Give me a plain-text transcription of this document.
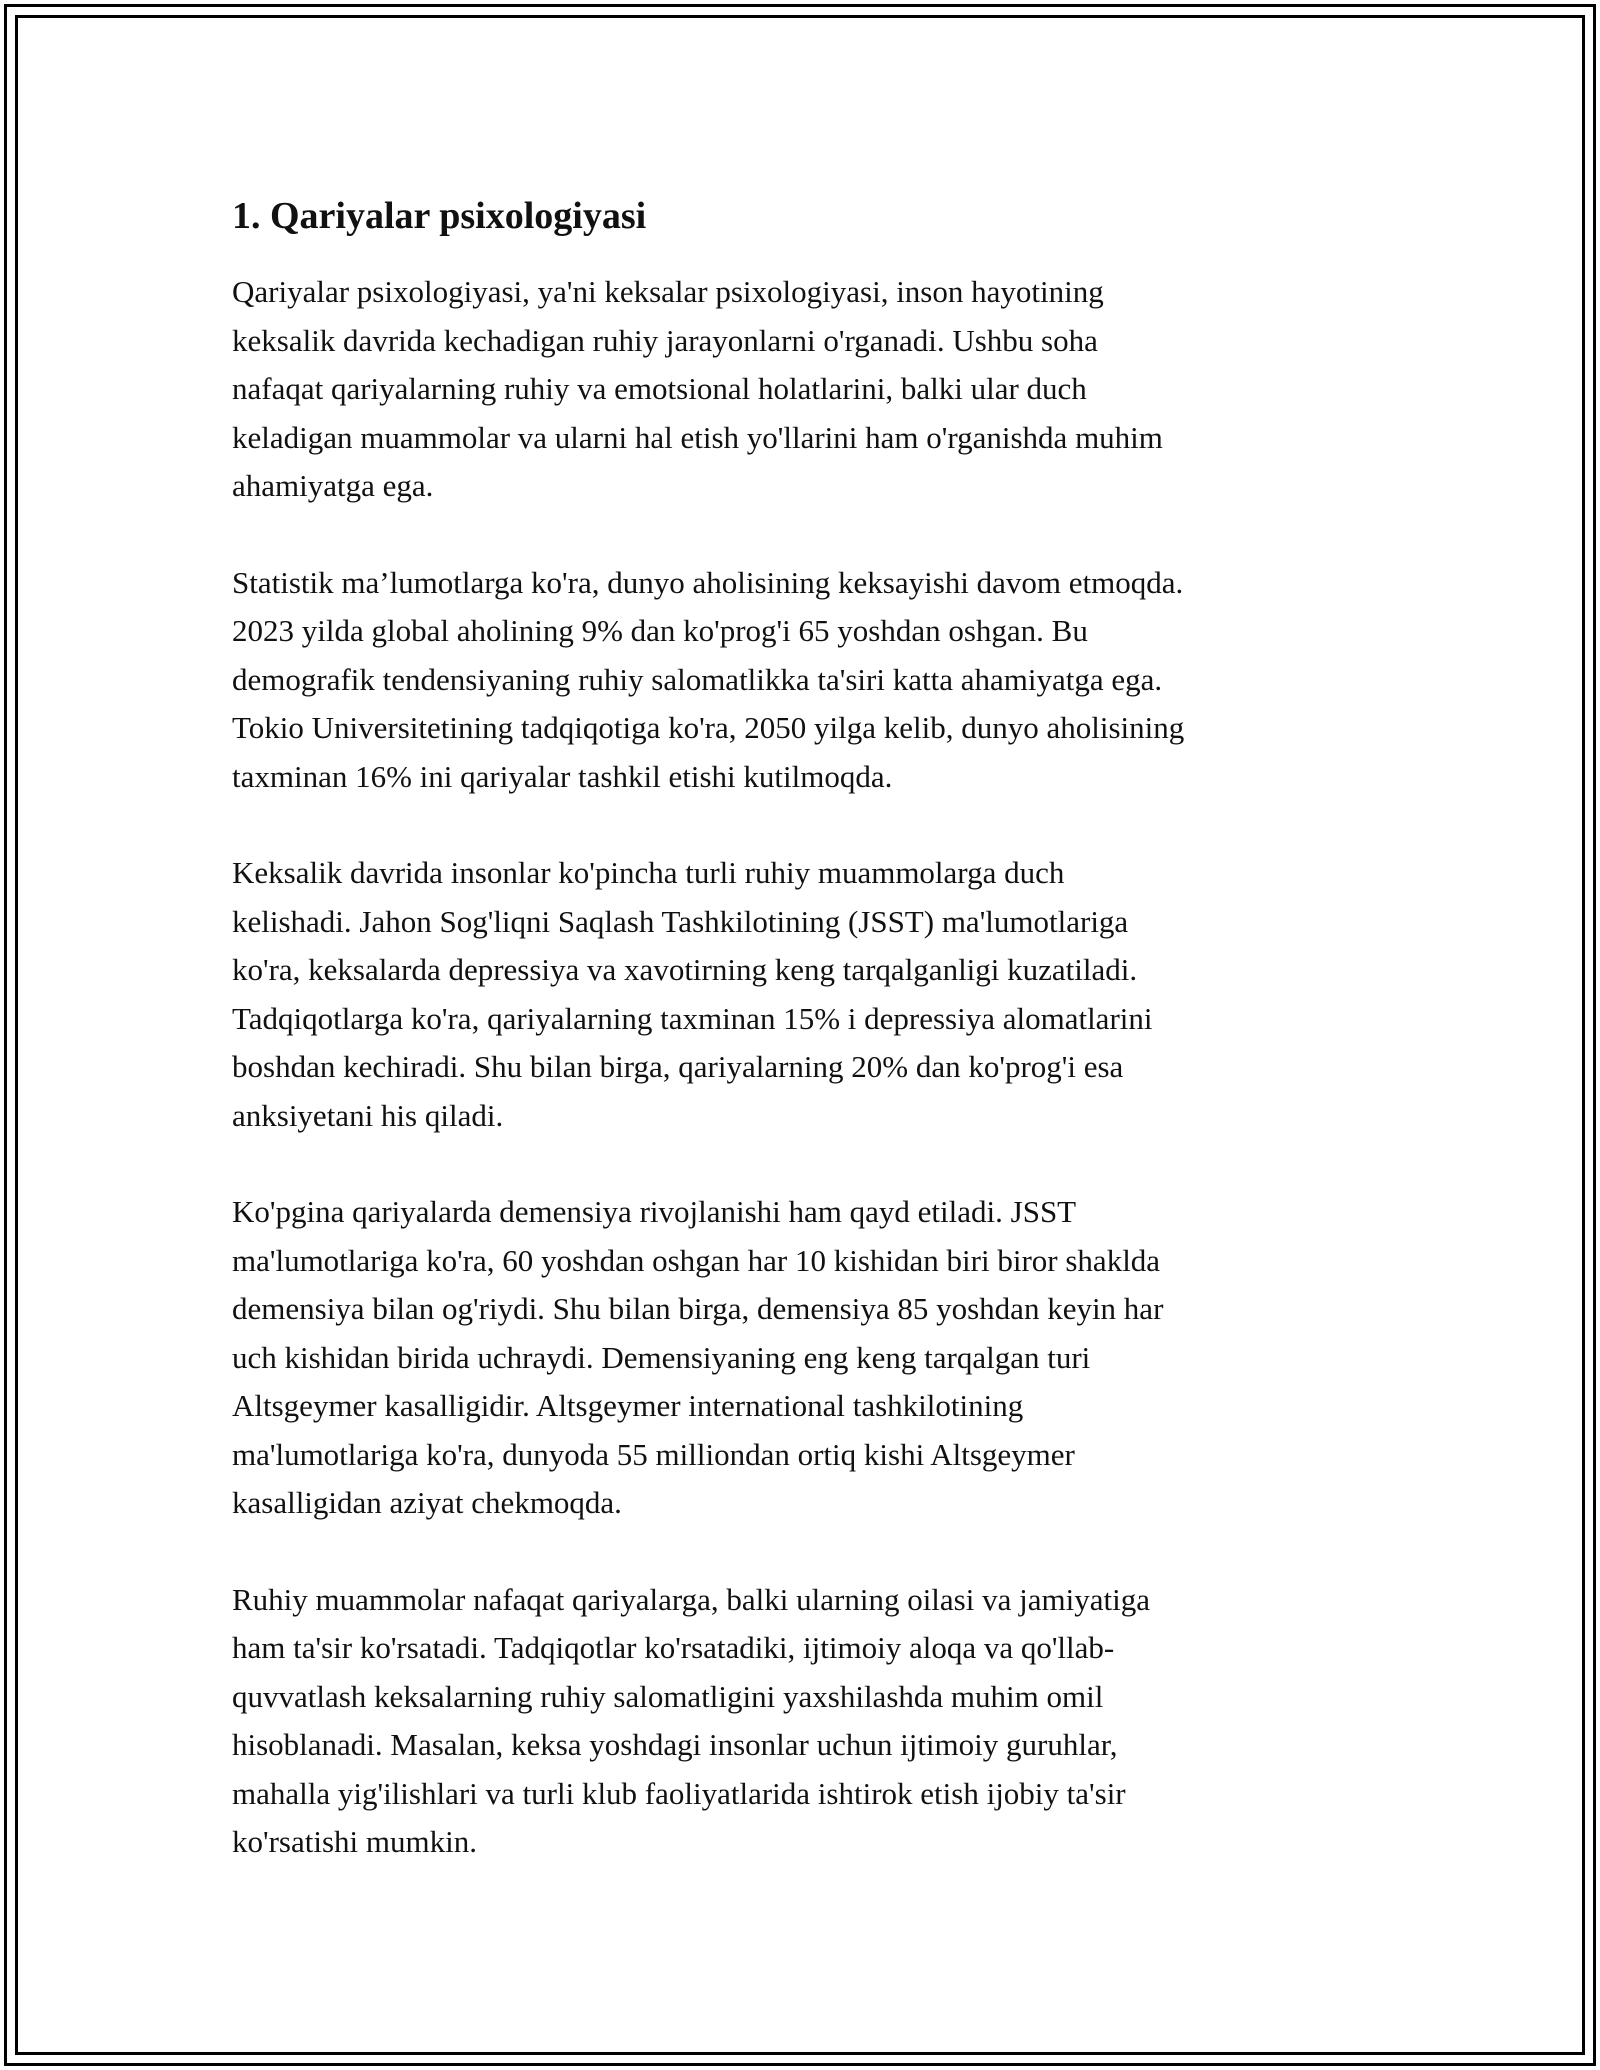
1. Qariyalar psixologiyasi

Qariyalar psixologiyasi, ya'ni keksalar psixologiyasi, inson hayotining
keksalik davrida kechadigan ruhiy jarayonlarni o'rganadi. Ushbu soha
nafaqat qariyalarning ruhiy va emotsional holatlarini, balki ular duch
keladigan muammolar va ularni hal etish yo'llarini ham o'rganishda muhim
ahamiyatga ega.

Statistik ma’lumotlarga ko'ra, dunyo aholisining keksayishi davom etmoqda.
2023 yilda global aholining 9% dan ko'prog'i 65 yoshdan oshgan. Bu
demografik tendensiyaning ruhiy salomatlikka ta'siri katta ahamiyatga ega.
Tokio Universitetining tadqiqotiga ko'ra, 2050 yilga kelib, dunyo aholisining
taxminan 16% ini qariyalar tashkil etishi kutilmoqda.

Keksalik davrida insonlar ko'pincha turli ruhiy muammolarga duch
kelishadi. Jahon Sog'liqni Saqlash Tashkilotining (JSST) ma'lumotlariga
ko'ra, keksalarda depressiya va xavotirning keng tarqalganligi kuzatiladi.
Tadqiqotlarga ko'ra, qariyalarning taxminan 15% i depressiya alomatlarini
boshdan kechiradi. Shu bilan birga, qariyalarning 20% dan ko'prog'i esa
anksiyetani his qiladi.

Ko'pgina qariyalarda demensiya rivojlanishi ham qayd etiladi. JSST
ma'lumotlariga ko'ra, 60 yoshdan oshgan har 10 kishidan biri biror shaklda
demensiya bilan og'riydi. Shu bilan birga, demensiya 85 yoshdan keyin har
uch kishidan birida uchraydi. Demensiyaning eng keng tarqalgan turi
Altsgeymer kasalligidir. Altsgeymer international tashkilotining
ma'lumotlariga ko'ra, dunyoda 55 milliondan ortiq kishi Altsgeymer
kasalligidan aziyat chekmoqda.

Ruhiy muammolar nafaqat qariyalarga, balki ularning oilasi va jamiyatiga
ham ta'sir ko'rsatadi. Tadqiqotlar ko'rsatadiki, ijtimoiy aloqa va qo'llab-
quvvatlash keksalarning ruhiy salomatligini yaxshilashda muhim omil
hisoblanadi. Masalan, keksa yoshdagi insonlar uchun ijtimoiy guruhlar,
mahalla yig'ilishlari va turli klub faoliyatlarida ishtirok etish ijobiy ta'sir
ko'rsatishi mumkin.
